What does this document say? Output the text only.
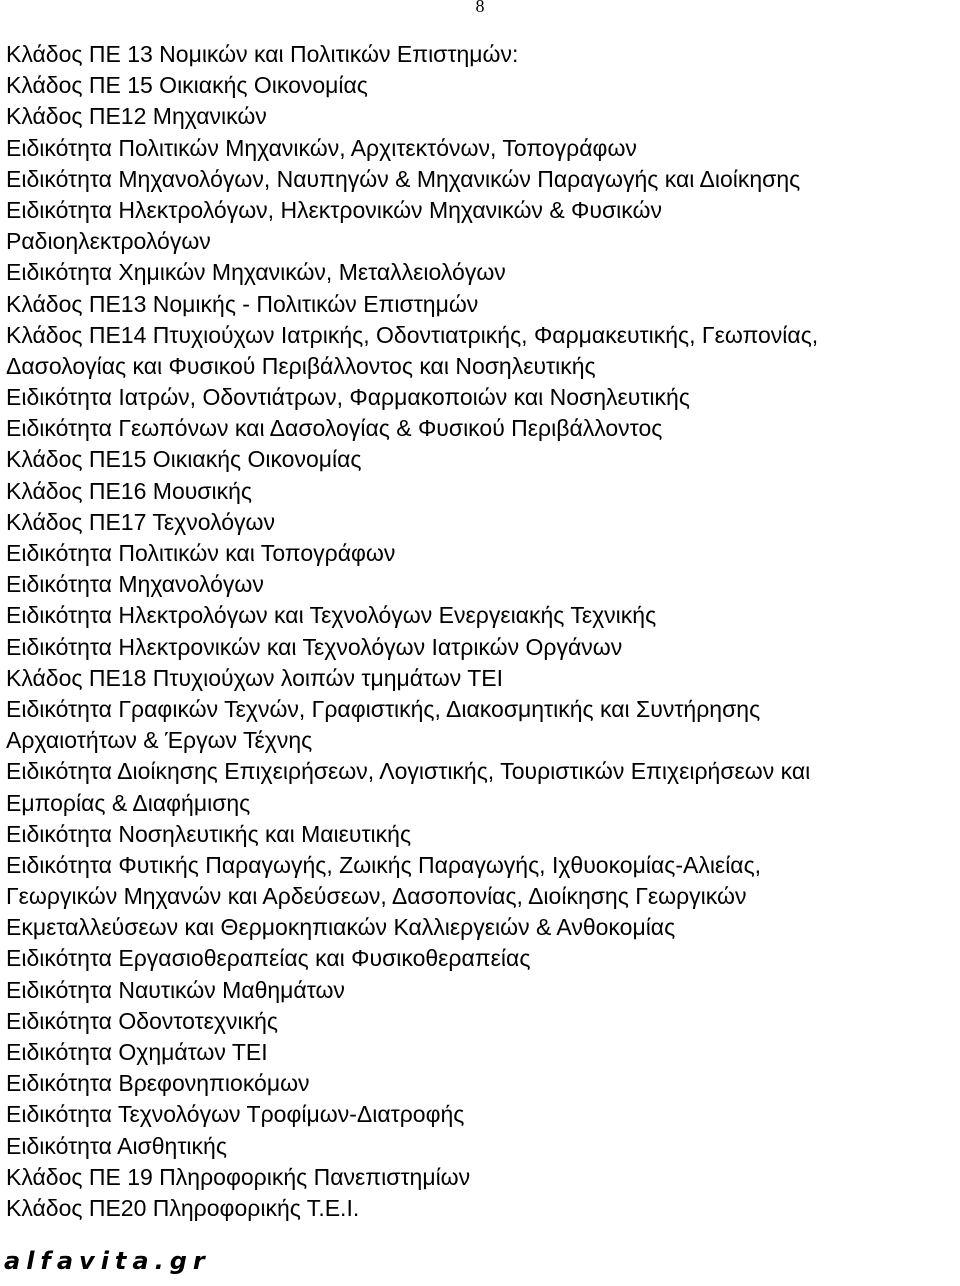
8
Κλάδος ΠΕ 13 Νομικών και Πολιτικών Επιστημών:
Κλάδος ΠΕ 15 Οικιακής Οικονομίας
Κλάδος ΠΕ12 Μηχανικών
Ειδικότητα Πολιτικών Μηχανικών, Αρχιτεκτόνων, Τοπογράφων
Ειδικότητα Μηχανολόγων, Ναυπηγών & Μηχανικών Παραγωγής και Διοίκησης
Ειδικότητα Ηλεκτρολόγων, Ηλεκτρονικών Μηχανικών & Φυσικών
Ραδιοηλεκτρολόγων
Ειδικότητα Χημικών Μηχανικών, Μεταλλειολόγων
Κλάδος ΠΕ13 Νομικής - Πολιτικών Επιστημών
Κλάδος ΠΕ14 Πτυχιούχων Ιατρικής, Οδοντιατρικής, Φαρμακευτικής, Γεωπονίας,
Δασολογίας και Φυσικού Περιβάλλοντος και Νοσηλευτικής
Ειδικότητα Ιατρών, Οδοντιάτρων, Φαρμακοποιών και Νοσηλευτικής
Ειδικότητα Γεωπόνων και Δασολογίας & Φυσικού Περιβάλλοντος
Κλάδος ΠΕ15 Οικιακής Οικονομίας
Κλάδος ΠΕ16 Μουσικής
Κλάδος ΠΕ17 Τεχνολόγων
Ειδικότητα Πολιτικών και Τοπογράφων
Ειδικότητα Μηχανολόγων
Ειδικότητα Ηλεκτρολόγων και Τεχνολόγων Ενεργειακής Τεχνικής
Ειδικότητα Ηλεκτρονικών και Τεχνολόγων Ιατρικών Οργάνων
Κλάδος ΠΕ18 Πτυχιούχων λοιπών τμημάτων ΤΕΙ
Ειδικότητα Γραφικών Τεχνών, Γραφιστικής, Διακοσμητικής και Συντήρησης
Αρχαιοτήτων & Έργων Τέχνης
Ειδικότητα Διοίκησης Επιχειρήσεων, Λογιστικής, Τουριστικών Επιχειρήσεων και
Εμπορίας & Διαφήμισης
Ειδικότητα Νοσηλευτικής και Μαιευτικής
Ειδικότητα Φυτικής Παραγωγής, Ζωικής Παραγωγής, Ιχθυοκομίας-Αλιείας,
Γεωργικών Μηχανών και Αρδεύσεων, Δασοπονίας, Διοίκησης Γεωργικών
Εκμεταλλεύσεων και Θερμοκηπιακών Καλλιεργειών & Ανθοκομίας
Ειδικότητα Εργασιοθεραπείας και Φυσικοθεραπείας
Ειδικότητα Ναυτικών Μαθημάτων
Ειδικότητα Οδοντοτεχνικής
Ειδικότητα Οχημάτων ΤΕΙ
Ειδικότητα Βρεφονηπιοκόμων
Ειδικότητα Τεχνολόγων Τροφίμων-Διατροφής
Ειδικότητα Αισθητικής
Κλάδος ΠΕ 19 Πληροφορικής Πανεπιστημίων
Κλάδος ΠΕ20 Πληροφορικής Τ.Ε.Ι.
alfavita.gr
